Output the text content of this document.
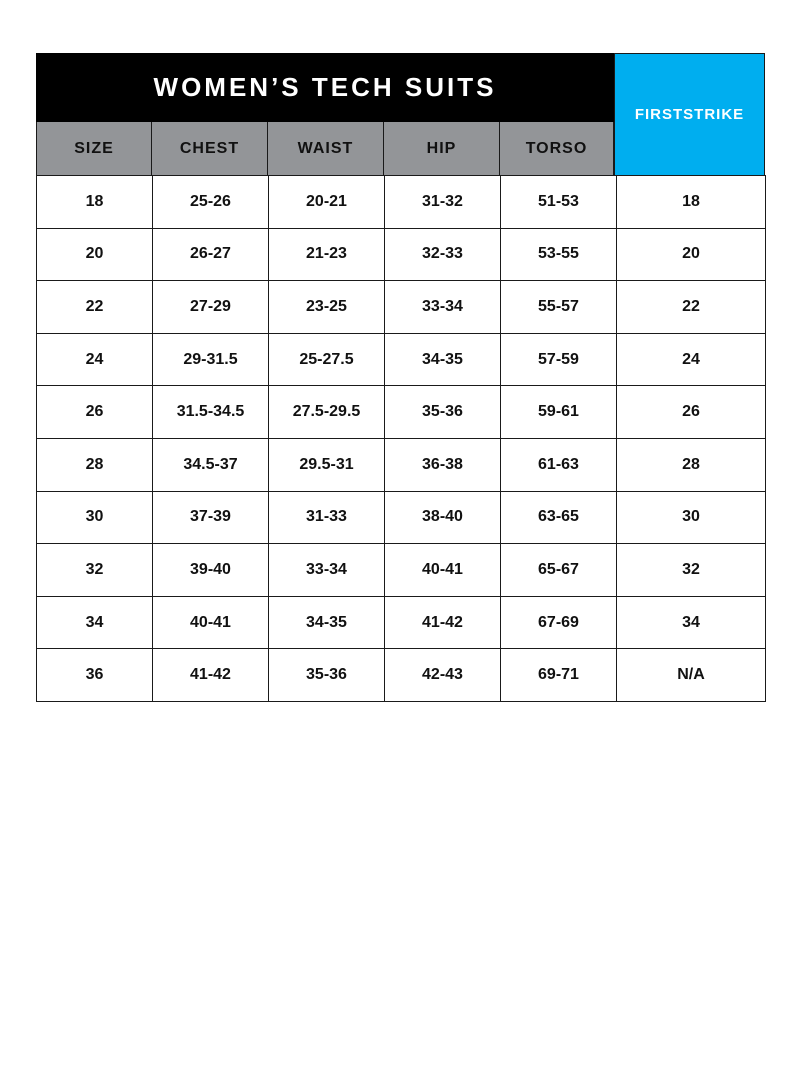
WOMEN’S TECH SUITS
FIRSTSTRIKE
SIZE	CHEST	WAIST	HIP	TORSO
18	25-26	20-21	31-32	51-53	18
20	26-27	21-23	32-33	53-55	20
22	27-29	23-25	33-34	55-57	22
24	29-31.5	25-27.5	34-35	57-59	24
26	31.5-34.5	27.5-29.5	35-36	59-61	26
28	34.5-37	29.5-31	36-38	61-63	28
30	37-39	31-33	38-40	63-65	30
32	39-40	33-34	40-41	65-67	32
34	40-41	34-35	41-42	67-69	34
36	41-42	35-36	42-43	69-71	N/A
